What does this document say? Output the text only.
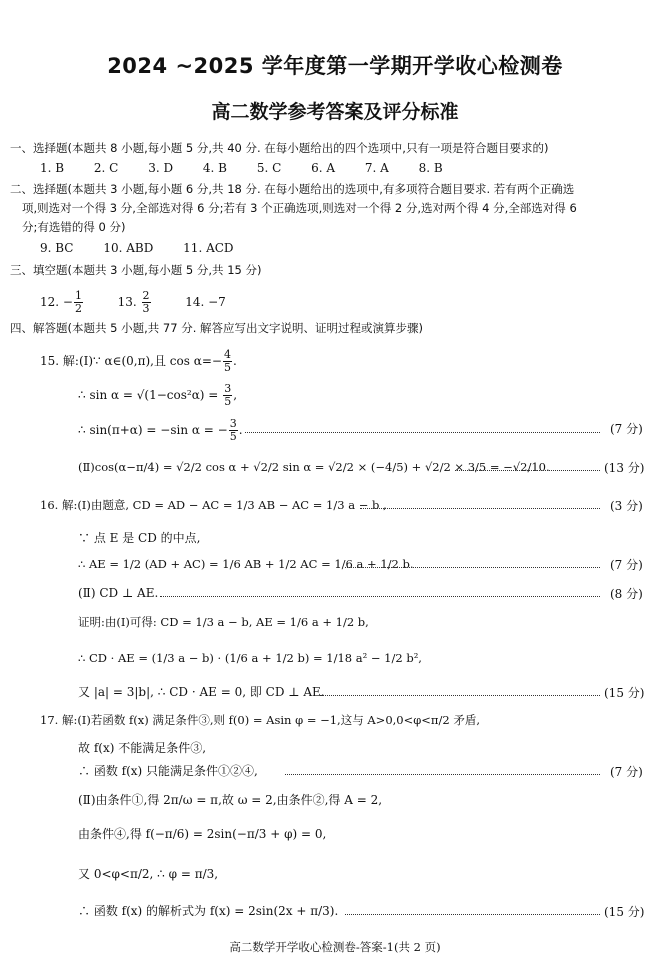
2024 ~2025 学年度第一学期开学收心检测卷
高二数学参考答案及评分标准
一、选择题(本题共 8 小题,每小题 5 分,共 40 分. 在每小题给出的四个选项中,只有一项是符合题目要求的)
1. B 2. C 3. D 4. B 5. C 6. A 7. A 8. B
二、选择题(本题共 3 小题,每小题 6 分,共 18 分. 在每小题给出的选项中,有多项符合题目要求. 若有两个正确选
项,则选对一个得 3 分,全部选对得 6 分;若有 3 个正确选项,则选对一个得 2 分,选对两个得 4 分,全部选对得 6
分;有选错的得 0 分)
9. BC 10. ABD 11. ACD
三、填空题(本题共 3 小题,每小题 5 分,共 15 分)
12. − $\frac{1}{2}$	13. $\frac{2}{3}$	14. −7
四、解答题(本题共 5 小题,共 77 分. 解答应写出文字说明、证明过程或演算步骤)
15. 解:(Ⅰ)∵ α∈(0,π),且 $\cos \alpha=- \frac{4}{5}$ .
∴ $\sin \alpha = √(1-\cos^2\alpha) = \frac{3}{5}$ ,
∴ sin(π+α) = −sin α = − $\frac{3}{5}$ .	(7 分)
(Ⅱ)cos(α−π/4) = √2/2 cos α + √2/2 sin α = √2/2 × (−4/5) + √2/2 × 3/5 = −√2/10.	(13 分)
16. 解:(Ⅰ)由题意, CD = AD − AC = 1/3 AB − AC = 1/3 a − b ,	(3 分)
∵ 点 E 是 CD 的中点,
∴ AE = 1/2 (AD + AC) = 1/6 AB + 1/2 AC = 1/6 a + 1/2 b.	(7 分)
(Ⅱ) CD ⊥ AE.	(8 分)
证明:由(Ⅰ)可得: CD = 1/3 a − b, AE = 1/6 a + 1/2 b,
∴ CD · AE = (1/3 a − b) · (1/6 a + 1/2 b) = 1/18 a² − 1/2 b²,
又 |a| = 3|b|, ∴ CD · AE = 0, 即 CD ⊥ AE.	(15 分)
17. 解:(Ⅰ)若函数 f(x) 满足条件③,则 f(0) = Asin φ = −1,这与 A>0,0<φ<π/2 矛盾,
故 f(x) 不能满足条件③,
∴ 函数 f(x) 只能满足条件①②④,	(7 分)
(Ⅱ)由条件①,得 2π/ω = π,故 ω = 2,由条件②,得 A = 2,
由条件④,得 f(−π/6) = 2sin(−π/3 + φ) = 0,
又 0<φ<π/2, ∴ φ = π/3,
∴ 函数 f(x) 的解析式为 f(x) = 2sin(2x + π/3).	(15 分)
高二数学开学收心检测卷-答案-1(共 2 页)
